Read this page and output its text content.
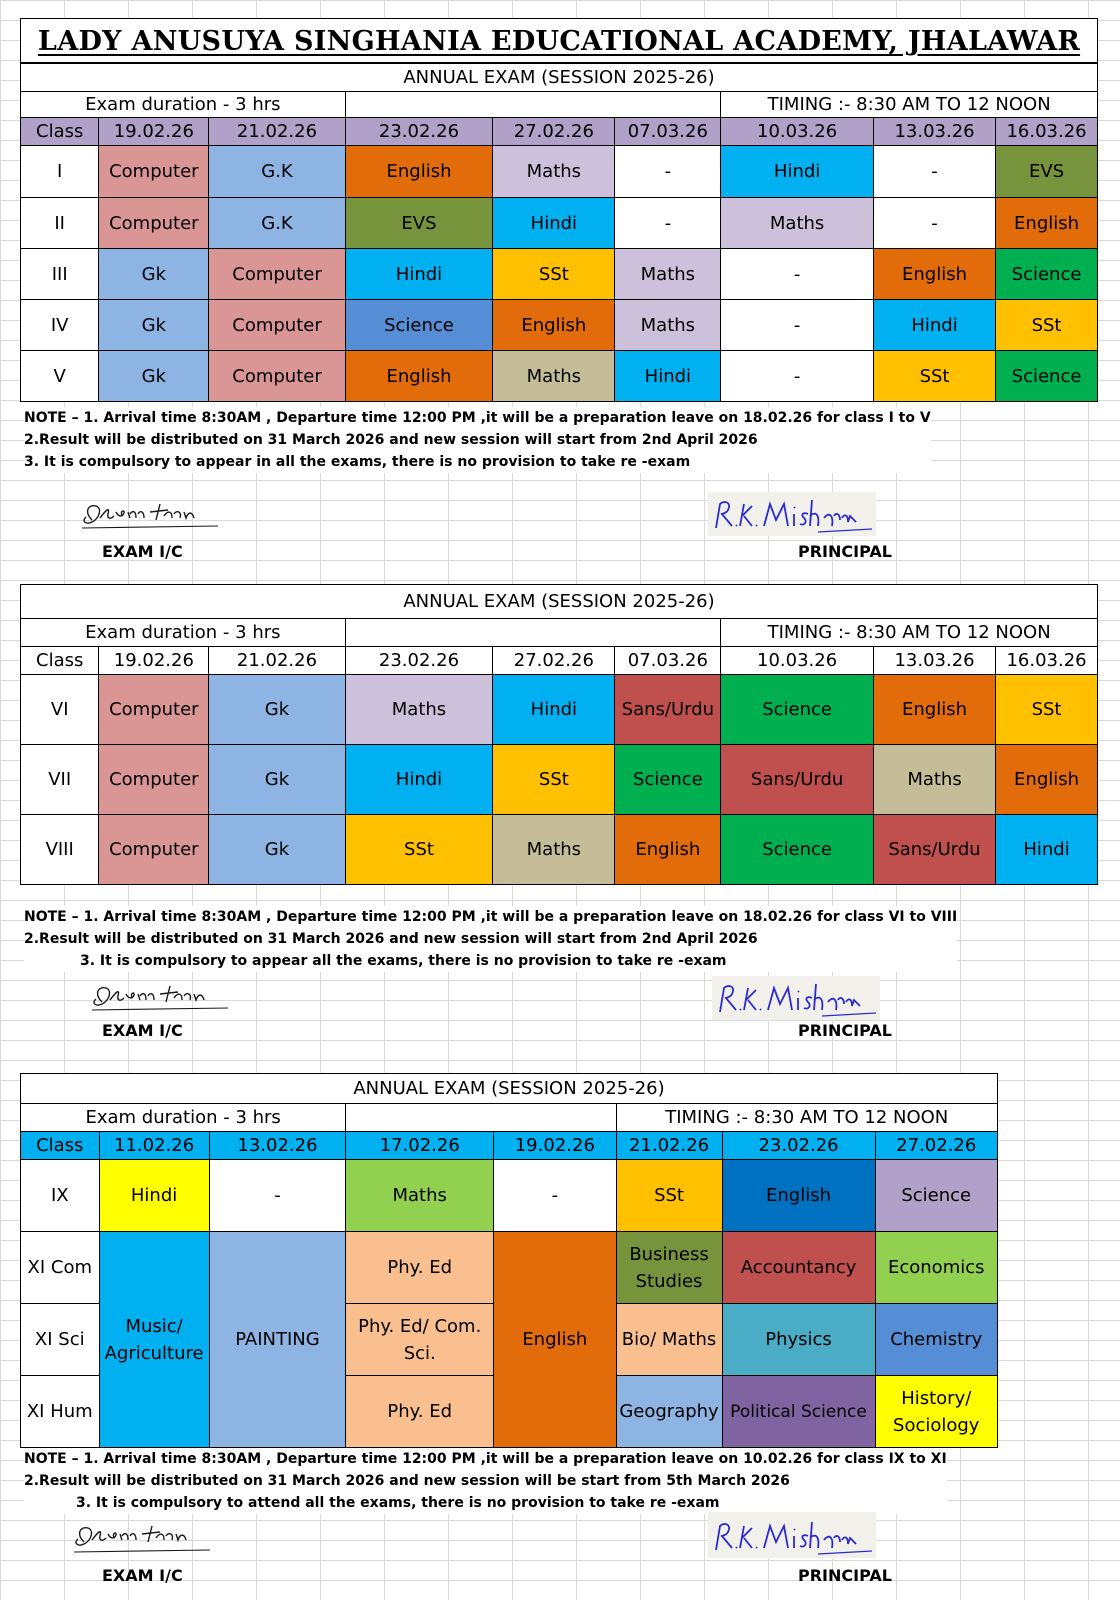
LADY ANUSUYA SINGHANIA EDUCATIONAL ACADEMY, JHALAWAR
ANNUAL EXAM (SESSION 2025-26)								
Exam duration - 3 hrs						TIMING :- 8:30 AM TO 12 NOON		
Class	19.02.26	21.02.26	23.02.26	27.02.26	07.03.26	10.03.26	13.03.26	16.03.26
I	Computer	G.K	English	Maths	-	Hindi	-	EVS
II	Computer	G.K	EVS	Hindi	-	Maths	-	English
III	Gk	Computer	Hindi	SSt	Maths	-	English	Science
IV	Gk	Computer	Science	English	Maths	-	Hindi	SSt
V	Gk	Computer	English	Maths	Hindi	-	SSt	Science
NOTE – 1. Arrival time 8:30AM , Departure time 12:00 PM ,it will be a preparation leave on 18.02.26 for class I to V
2.Result will be distributed on 31 March 2026 and new session will start from 2nd April 2026
3. It is compulsory to appear in all the exams, there is no provision to take re -exam
EXAM I/C	PRINCIPAL
ANNUAL EXAM (SESSION 2025-26)								
Exam duration - 3 hrs						TIMING :- 8:30 AM TO 12 NOON		
Class	19.02.26	21.02.26	23.02.26	27.02.26	07.03.26	10.03.26	13.03.26	16.03.26
VI	Computer	Gk	Maths	Hindi	Sans/Urdu	Science	English	SSt
VII	Computer	Gk	Hindi	SSt	Science	Sans/Urdu	Maths	English
VIII	Computer	Gk	SSt	Maths	English	Science	Sans/Urdu	Hindi
NOTE – 1. Arrival time 8:30AM , Departure time 12:00 PM ,it will be a preparation leave on 18.02.26 for class VI to VIII
2.Result will be distributed on 31 March 2026 and new session will start from 2nd April 2026
3. It is compulsory to appear all the exams, there is no provision to take re -exam
EXAM I/C	PRINCIPAL
ANNUAL EXAM (SESSION 2025-26)							
Exam duration - 3 hrs					TIMING :- 8:30 AM TO 12 NOON		
Class	11.02.26	13.02.26	17.02.26	19.02.26	21.02.26	23.02.26	27.02.26
IX	Hindi	-	Maths	-	SSt	English	Science
XI Com	Music/ Agriculture	PAINTING	Phy. Ed	English	Business Studies	Accountancy	Economics
XI Sci			Phy. Ed/ Com. Sci.		Bio/ Maths	Physics	Chemistry
XI Hum			Phy. Ed		Geography	Political Science	History/ Sociology
NOTE – 1. Arrival time 8:30AM , Departure time 12:00 PM ,it will be a preparation leave on 10.02.26 for class IX to XI
2.Result will be distributed on 31 March 2026 and new session will be start from 5th March 2026
3. It is compulsory to attend all the exams, there is no provision to take re -exam
EXAM I/C	PRINCIPAL
